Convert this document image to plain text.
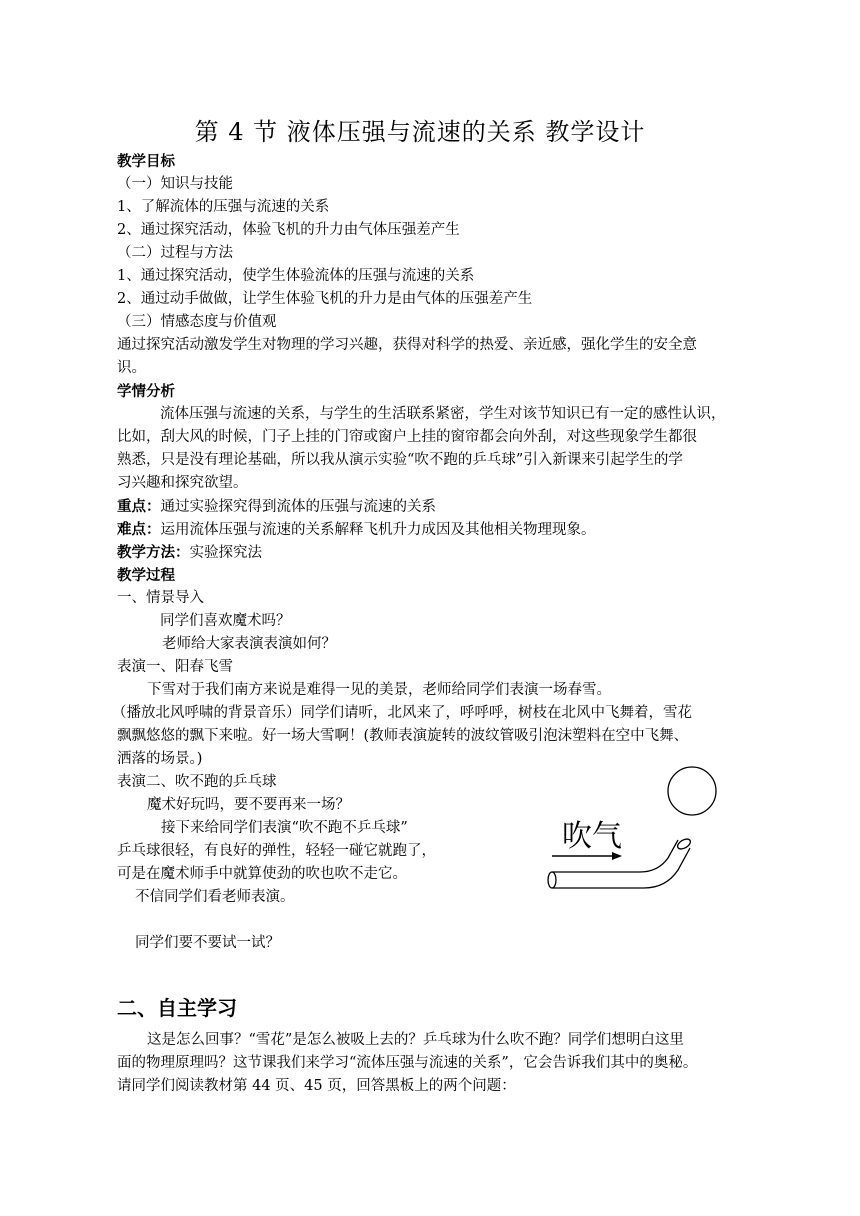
第 4 节 液体压强与流速的关系 教学设计
教学目标
（一）知识与技能
1、了解流体的压强与流速的关系
2、通过探究活动，体验飞机的升力由气体压强差产生
（二）过程与方法
1、通过探究活动，使学生体验流体的压强与流速的关系
2、通过动手做做，让学生体验飞机的升力是由气体的压强差产生
（三）情感态度与价值观
通过探究活动激发学生对物理的学习兴趣，获得对科学的热爱、亲近感，强化学生的安全意
识。
学情分析
流体压强与流速的关系，与学生的生活联系紧密，学生对该节知识已有一定的感性认识，
比如，刮大风的时候，门子上挂的门帘或窗户上挂的窗帘都会向外刮，对这些现象学生都很
熟悉，只是没有理论基础，所以我从演示实验“吹不跑的乒乓球”引入新课来引起学生的学
习兴趣和探究欲望。
重点：通过实验探究得到流体的压强与流速的关系
难点：运用流体压强与流速的关系解释飞机升力成因及其他相关物理现象。
教学方法：实验探究法
教学过程
一、情景导入
同学们喜欢魔术吗？
老师给大家表演表演如何？
表演一、阳春飞雪
下雪对于我们南方来说是难得一见的美景，老师给同学们表演一场春雪。
（播放北风呼啸的背景音乐）同学们请听，北风来了，呼呼呼，树枝在北风中飞舞着，雪花
飘飘悠悠的飘下来啦。好一场大雪啊！(教师表演旋转的波纹管吸引泡沫塑料在空中飞舞、
洒落的场景。)
表演二、吹不跑的乒乓球
魔术好玩吗，要不要再来一场？
接下来给同学们表演“吹不跑不乒乓球”
乒乓球很轻，有良好的弹性，轻轻一碰它就跑了，
可是在魔术师手中就算使劲的吹也吹不走它。
不信同学们看老师表演。
同学们要不要试一试？
吹气
二、自主学习
这是怎么回事？“雪花”是怎么被吸上去的？乒乓球为什么吹不跑？同学们想明白这里
面的物理原理吗？这节课我们来学习“流体压强与流速的关系”，它会告诉我们其中的奥秘。
请同学们阅读教材第 44 页、45 页，回答黑板上的两个问题：
